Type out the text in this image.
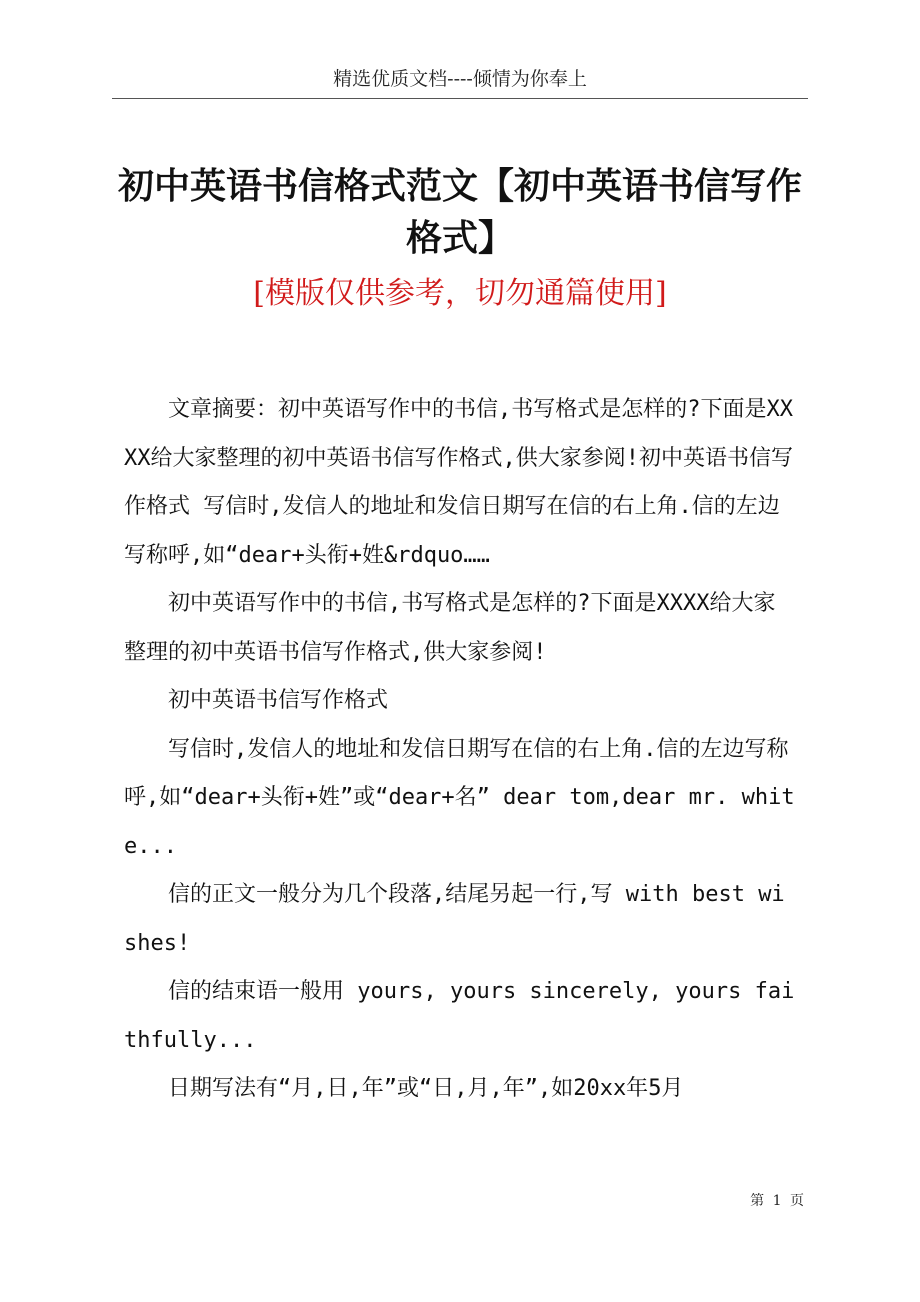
精选优质文档----倾情为你奉上
初中英语书信格式范文【初中英语书信写作格式】
[模版仅供参考，切勿通篇使用]

文章摘要：初中英语写作中的书信,书写格式是怎样的?下面是XXXX给大家整理的初中英语书信写作格式,供大家参阅!初中英语书信写作格式 写信时,发信人的地址和发信日期写在信的右上角.信的左边写称呼,如“dear+头衔+姓&rdquo……

初中英语写作中的书信,书写格式是怎样的?下面是XXXX给大家整理的初中英语书信写作格式,供大家参阅!

初中英语书信写作格式

写信时,发信人的地址和发信日期写在信的右上角.信的左边写称呼,如“dear+头衔+姓”或“dear+名” dear tom,dear mr. white...

信的正文一般分为几个段落,结尾另起一行,写 with best wishes!

信的结束语一般用 yours, yours sincerely, yours faithfully...

日期写法有“月,日,年”或“日,月,年”,如20xx年5月

第 1 页
